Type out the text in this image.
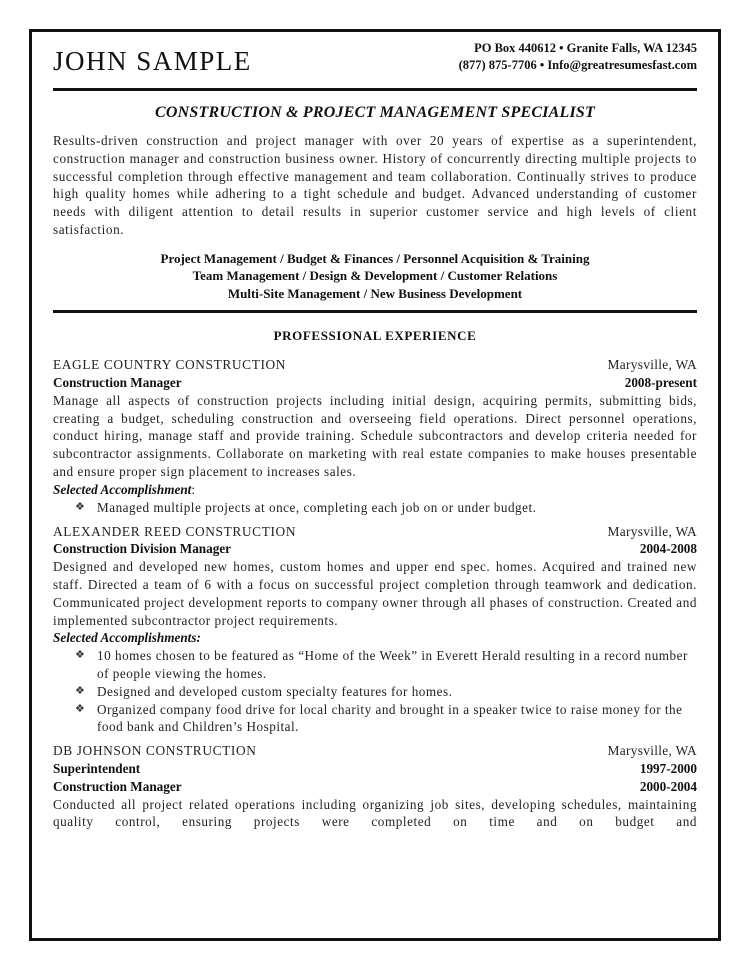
JOHN SAMPLE	PO Box 440612 • Granite Falls, WA 12345
(877) 875-7706 • Info@greatresumesfast.com
CONSTRUCTION & PROJECT MANAGEMENT SPECIALIST
Results-driven construction and project manager with over 20 years of expertise as a superintendent, construction manager and construction business owner. History of concurrently directing multiple projects to successful completion through effective management and team collaboration. Continually strives to produce high quality homes while adhering to a tight schedule and budget. Advanced understanding of customer needs with diligent attention to detail results in superior customer service and high levels of client satisfaction.
Project Management / Budget & Finances / Personnel Acquisition & Training
Team Management / Design & Development / Customer Relations
Multi-Site Management / New Business Development
PROFESSIONAL EXPERIENCE
EAGLE COUNTRY CONSTRUCTION	Marysville, WA
Construction Manager	2008-present
Manage all aspects of construction projects including initial design, acquiring permits, submitting bids, creating a budget, scheduling construction and overseeing field operations. Direct personnel operations, conduct hiring, manage staff and provide training. Schedule subcontractors and develop criteria needed for subcontractor assignments. Collaborate on marketing with real estate companies to make houses presentable and ensure proper sign placement to increases sales.
Selected Accomplishment:
❖ Managed multiple projects at once, completing each job on or under budget.
ALEXANDER REED CONSTRUCTION	Marysville, WA
Construction Division Manager	2004-2008
Designed and developed new homes, custom homes and upper end spec. homes. Acquired and trained new staff. Directed a team of 6 with a focus on successful project completion through teamwork and dedication. Communicated project development reports to company owner through all phases of construction. Created and implemented subcontractor project requirements.
Selected Accomplishments:
❖ 10 homes chosen to be featured as “Home of the Week” in Everett Herald resulting in a record number of people viewing the homes.
❖ Designed and developed custom specialty features for homes.
❖ Organized company food drive for local charity and brought in a speaker twice to raise money for the food bank and Children’s Hospital.
DB JOHNSON CONSTRUCTION	Marysville, WA
Superintendent	1997-2000
Construction Manager	2000-2004
Conducted all project related operations including organizing job sites, developing schedules, maintaining quality control, ensuring projects were completed on time and on budget and
